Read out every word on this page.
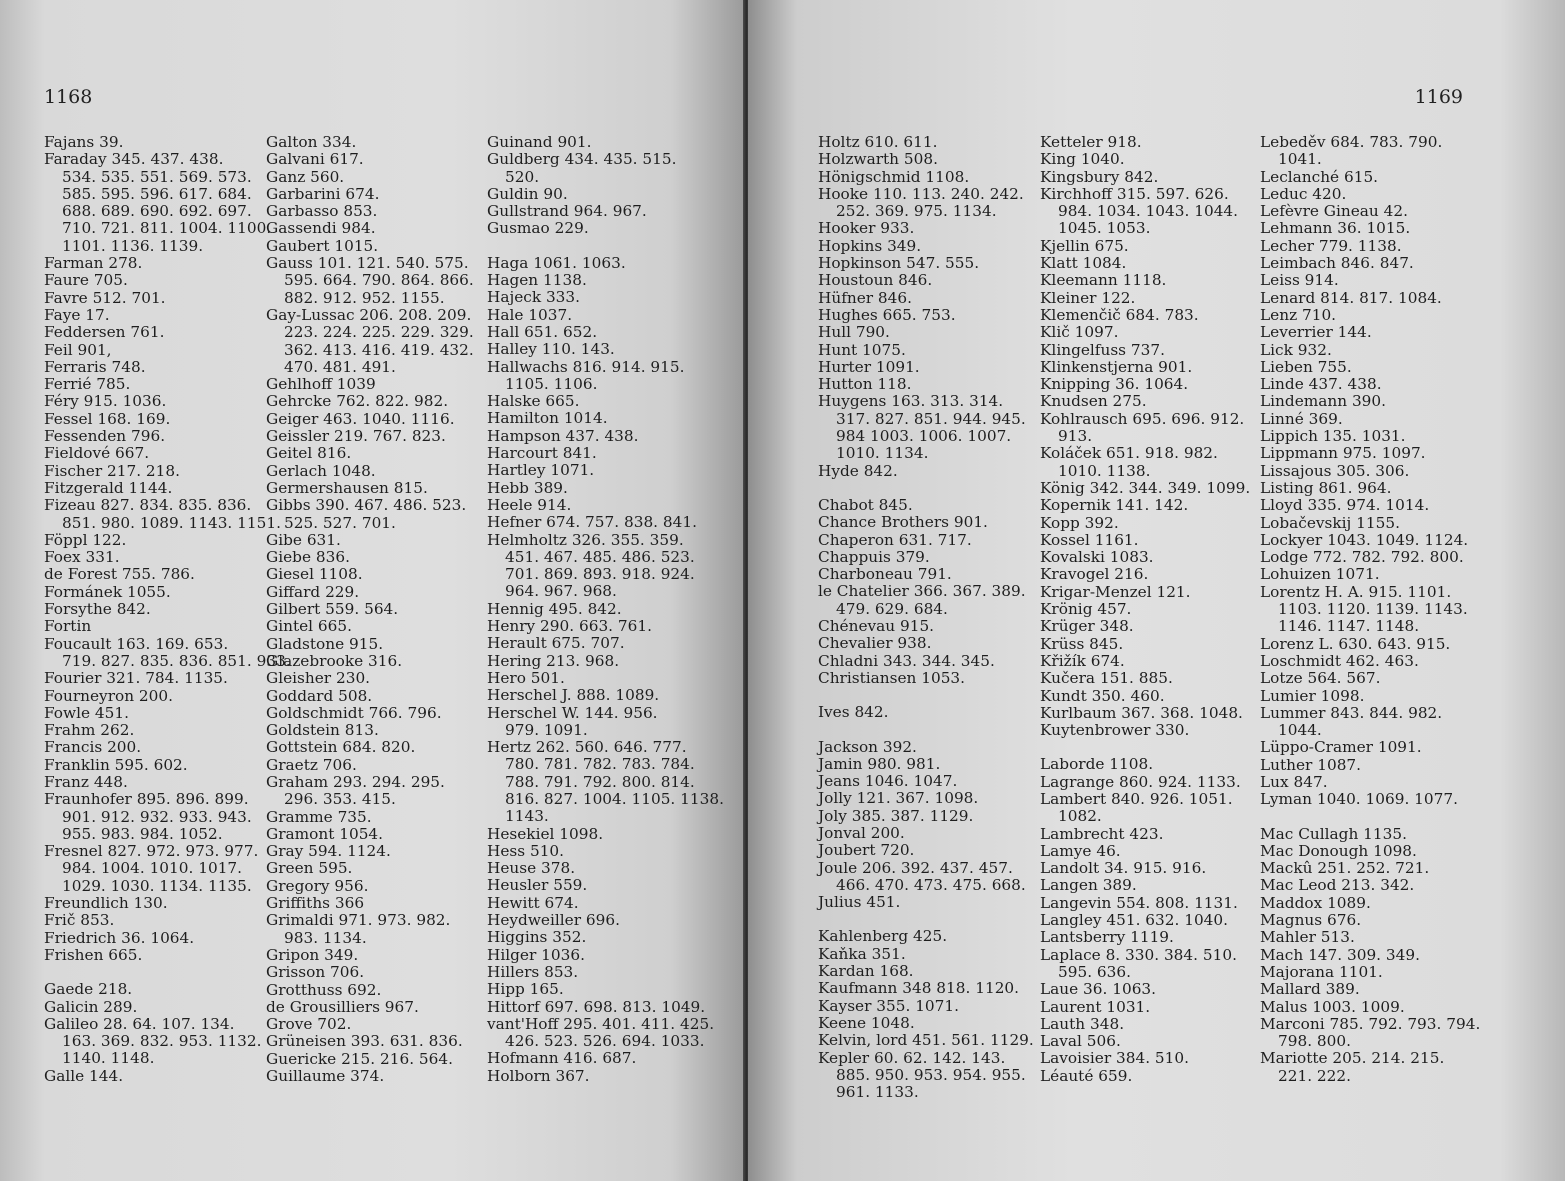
1168
Fajans 39.
Faraday 345. 437. 438.
534. 535. 551. 569. 573.
585. 595. 596. 617. 684.
688. 689. 690. 692. 697.
710. 721. 811. 1004. 1100.
1101. 1136. 1139.
Farman 278.
Faure 705.
Favre 512. 701.
Faye 17.
Feddersen 761.
Feil 901,
Ferraris 748.
Ferrié 785.
Féry 915. 1036.
Fessel 168. 169.
Fessenden 796.
Fieldové 667.
Fischer 217. 218.
Fitzgerald 1144.
Fizeau 827. 834. 835. 836.
851. 980. 1089. 1143. 1151.
Föppl 122.
Foex 331.
de Forest 755. 786.
Formánek 1055.
Forsythe 842.
Fortin
Foucault 163. 169. 653.
719. 827. 835. 836. 851. 933.
Fourier 321. 784. 1135.
Fourneyron 200.
Fowle 451.
Frahm 262.
Francis 200.
Franklin 595. 602.
Franz 448.
Fraunhofer 895. 896. 899.
901. 912. 932. 933. 943.
955. 983. 984. 1052.
Fresnel 827. 972. 973. 977.
984. 1004. 1010. 1017.
1029. 1030. 1134. 1135.
Freundlich 130.
Frič 853.
Friedrich 36. 1064.
Frishen 665.
Gaede 218.
Galicin 289.
Galileo 28. 64. 107. 134.
163. 369. 832. 953. 1132.
1140. 1148.
Galle 144.
Galton 334.
Galvani 617.
Ganz 560.
Garbarini 674.
Garbasso 853.
Gassendi 984.
Gaubert 1015.
Gauss 101. 121. 540. 575.
595. 664. 790. 864. 866.
882. 912. 952. 1155.
Gay-Lussac 206. 208. 209.
223. 224. 225. 229. 329.
362. 413. 416. 419. 432.
470. 481. 491.
Gehlhoff 1039
Gehrcke 762. 822. 982.
Geiger 463. 1040. 1116.
Geissler 219. 767. 823.
Geitel 816.
Gerlach 1048.
Germershausen 815.
Gibbs 390. 467. 486. 523.
525. 527. 701.
Gibe 631.
Giebe 836.
Giesel 1108.
Giffard 229.
Gilbert 559. 564.
Gintel 665.
Gladstone 915.
Glazebrooke 316.
Gleisher 230.
Goddard 508.
Goldschmidt 766. 796.
Goldstein 813.
Gottstein 684. 820.
Graetz 706.
Graham 293. 294. 295.
296. 353. 415.
Gramme 735.
Gramont 1054.
Gray 594. 1124.
Green 595.
Gregory 956.
Griffiths 366
Grimaldi 971. 973. 982.
983. 1134.
Gripon 349.
Grisson 706.
Grotthuss 692.
de Grousilliers 967.
Grove 702.
Grüneisen 393. 631. 836.
Guericke 215. 216. 564.
Guillaume 374.
Guinand 901.
Guldberg 434. 435. 515.
520.
Guldin 90.
Gullstrand 964. 967.
Gusmao 229.
Haga 1061. 1063.
Hagen 1138.
Hajeck 333.
Hale 1037.
Hall 651. 652.
Halley 110. 143.
Hallwachs 816. 914. 915.
1105. 1106.
Halske 665.
Hamilton 1014.
Hampson 437. 438.
Harcourt 841.
Hartley 1071.
Hebb 389.
Heele 914.
Hefner 674. 757. 838. 841.
Helmholtz 326. 355. 359.
451. 467. 485. 486. 523.
701. 869. 893. 918. 924.
964. 967. 968.
Hennig 495. 842.
Henry 290. 663. 761.
Herault 675. 707.
Hering 213. 968.
Hero 501.
Herschel J. 888. 1089.
Herschel W. 144. 956.
979. 1091.
Hertz 262. 560. 646. 777.
780. 781. 782. 783. 784.
788. 791. 792. 800. 814.
816. 827. 1004. 1105. 1138.
1143.
Hesekiel 1098.
Hess 510.
Heuse 378.
Heusler 559.
Hewitt 674.
Heydweiller 696.
Higgins 352.
Hilger 1036.
Hillers 853.
Hipp 165.
Hittorf 697. 698. 813. 1049.
vant'Hoff 295. 401. 411. 425.
426. 523. 526. 694. 1033.
Hofmann 416. 687.
Holborn 367.
1169
Holtz 610. 611.
Holzwarth 508.
Hönigschmid 1108.
Hooke 110. 113. 240. 242.
252. 369. 975. 1134.
Hooker 933.
Hopkins 349.
Hopkinson 547. 555.
Houstoun 846.
Hüfner 846.
Hughes 665. 753.
Hull 790.
Hunt 1075.
Hurter 1091.
Hutton 118.
Huygens 163. 313. 314.
317. 827. 851. 944. 945.
984 1003. 1006. 1007.
1010. 1134.
Hyde 842.
Chabot 845.
Chance Brothers 901.
Chaperon 631. 717.
Chappuis 379.
Charboneau 791.
le Chatelier 366. 367. 389.
479. 629. 684.
Chénevau 915.
Chevalier 938.
Chladni 343. 344. 345.
Christiansen 1053.
Ives 842.
Jackson 392.
Jamin 980. 981.
Jeans 1046. 1047.
Jolly 121. 367. 1098.
Joly 385. 387. 1129.
Jonval 200.
Joubert 720.
Joule 206. 392. 437. 457.
466. 470. 473. 475. 668.
Julius 451.
Kahlenberg 425.
Kaňka 351.
Kardan 168.
Kaufmann 348 818. 1120.
Kayser 355. 1071.
Keene 1048.
Kelvin, lord 451. 561. 1129.
Kepler 60. 62. 142. 143.
885. 950. 953. 954. 955.
961. 1133.
Ketteler 918.
King 1040.
Kingsbury 842.
Kirchhoff 315. 597. 626.
984. 1034. 1043. 1044.
1045. 1053.
Kjellin 675.
Klatt 1084.
Kleemann 1118.
Kleiner 122.
Klemenčič 684. 783.
Klič 1097.
Klingelfuss 737.
Klinkenstjerna 901.
Knipping 36. 1064.
Knudsen 275.
Kohlrausch 695. 696. 912.
913.
Koláček 651. 918. 982.
1010. 1138.
König 342. 344. 349. 1099.
Kopernik 141. 142.
Kopp 392.
Kossel 1161.
Kovalski 1083.
Kravogel 216.
Krigar-Menzel 121.
Krönig 457.
Krüger 348.
Krüss 845.
Křižík 674.
Kučera 151. 885.
Kundt 350. 460.
Kurlbaum 367. 368. 1048.
Kuytenbrower 330.
Laborde 1108.
Lagrange 860. 924. 1133.
Lambert 840. 926. 1051.
1082.
Lambrecht 423.
Lamye 46.
Landolt 34. 915. 916.
Langen 389.
Langevin 554. 808. 1131.
Langley 451. 632. 1040.
Lantsberry 1119.
Laplace 8. 330. 384. 510.
595. 636.
Laue 36. 1063.
Laurent 1031.
Lauth 348.
Laval 506.
Lavoisier 384. 510.
Léauté 659.
Lebeděv 684. 783. 790.
1041.
Leclanché 615.
Leduc 420.
Lefèvre Gineau 42.
Lehmann 36. 1015.
Lecher 779. 1138.
Leimbach 846. 847.
Leiss 914.
Lenard 814. 817. 1084.
Lenz 710.
Leverrier 144.
Lick 932.
Lieben 755.
Linde 437. 438.
Lindemann 390.
Linné 369.
Lippich 135. 1031.
Lippmann 975. 1097.
Lissajous 305. 306.
Listing 861. 964.
Lloyd 335. 974. 1014.
Lobačevskij 1155.
Lockyer 1043. 1049. 1124.
Lodge 772. 782. 792. 800.
Lohuizen 1071.
Lorentz H. A. 915. 1101.
1103. 1120. 1139. 1143.
1146. 1147. 1148.
Lorenz L. 630. 643. 915.
Loschmidt 462. 463.
Lotze 564. 567.
Lumier 1098.
Lummer 843. 844. 982.
1044.
Lüppo-Cramer 1091.
Luther 1087.
Lux 847.
Lyman 1040. 1069. 1077.
Mac Cullagh 1135.
Mac Donough 1098.
Mackû 251. 252. 721.
Mac Leod 213. 342.
Maddox 1089.
Magnus 676.
Mahler 513.
Mach 147. 309. 349.
Majorana 1101.
Mallard 389.
Malus 1003. 1009.
Marconi 785. 792. 793. 794.
798. 800.
Mariotte 205. 214. 215.
221. 222.
